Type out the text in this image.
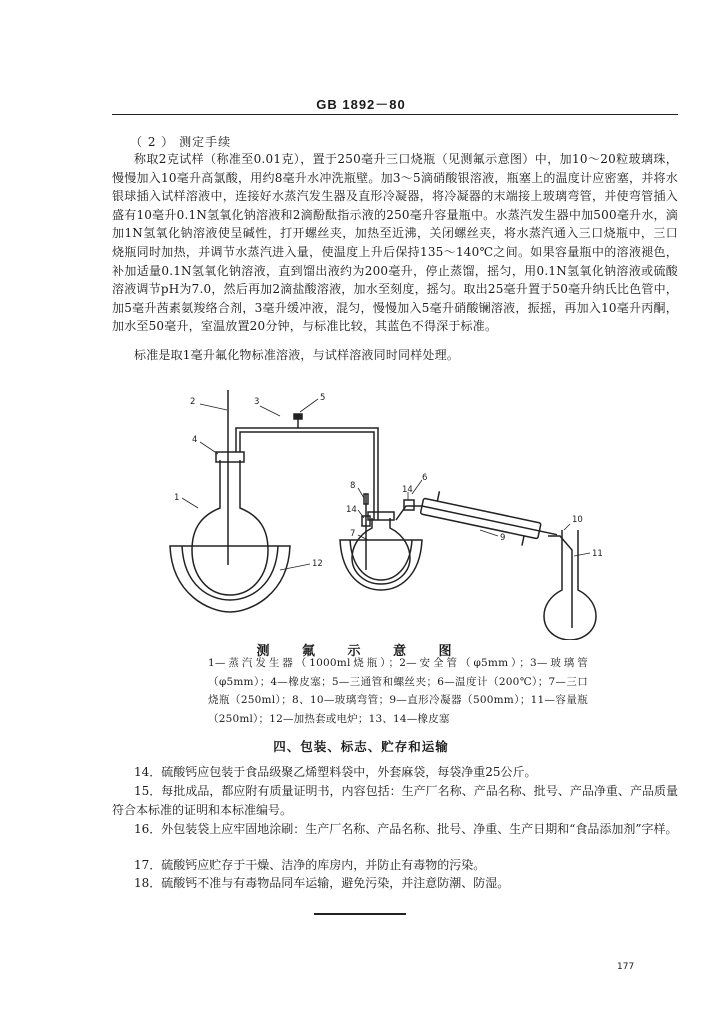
GB 1892－80
（ 2 ） 测定手续
称取2克试样（称准至0.01克），置于250毫升三口烧瓶（见测氟示意图）中，加10～20粒玻璃珠，慢慢加入10毫升高氯酸，用约8毫升水冲洗瓶壁。加3～5滴硝酸银溶液，瓶塞上的温度计应密塞，并将水银球插入试样溶液中，连接好水蒸汽发生器及直形冷凝器，将冷凝器的末端接上玻璃弯管，并使弯管插入盛有10毫升0.1N氢氧化钠溶液和2滴酚酞指示液的250毫升容量瓶中。水蒸汽发生器中加500毫升水，滴加1N氢氧化钠溶液使呈碱性，打开螺丝夹，加热至近沸，关闭螺丝夹，将水蒸汽通入三口烧瓶中，三口烧瓶同时加热，并调节水蒸汽进入量，使温度上升后保持135～140℃之间。如果容量瓶中的溶液褪色，补加适量0.1N氢氧化钠溶液，直到馏出液约为200毫升，停止蒸馏，摇匀，用0.1N氢氧化钠溶液或硫酸溶液调节pH为7.0，然后再加2滴盐酸溶液，加水至刻度，摇匀。取出25毫升置于50毫升纳氏比色管中，加5毫升茜素氨羧络合剂，3毫升缓冲液，混匀，慢慢加入5毫升硝酸镧溶液，振摇，再加入10毫升丙酮，加水至50毫升，室温放置20分钟，与标准比较，其蓝色不得深于标准。
标准是取1毫升氟化物标准溶液，与试样溶液同时同样处理。
2	3	5
4
1
8
14
7
14
6
9
10
11
12
测 氟 示 意 图
1—蒸汽发生器（1000ml烧瓶）；2—安全管（φ5mm）；3—玻璃管（φ5mm）；4—橡皮塞；5—三通管和螺丝夹；6—温度计（200℃）；7—三口烧瓶（250ml）；8、10—玻璃弯管；9—直形冷凝器（500mm）；11—容量瓶（250ml）；12—加热套或电炉；13、14—橡皮塞
四、包装、标志、贮存和运输
14．硫酸钙应包装于食品级聚乙烯塑料袋中，外套麻袋，每袋净重25公斤。
15．每批成品，都应附有质量证明书，内容包括：生产厂名称、产品名称、批号、产品净重、产品质量符合本标准的证明和本标准编号。
16．外包装袋上应牢固地涂刷：生产厂名称、产品名称、批号、净重、生产日期和“食品添加剂”字样。
17．硫酸钙应贮存于干燥、洁净的库房内，并防止有毒物的污染。
18．硫酸钙不准与有毒物品同车运输，避免污染，并注意防潮、防湿。
177
